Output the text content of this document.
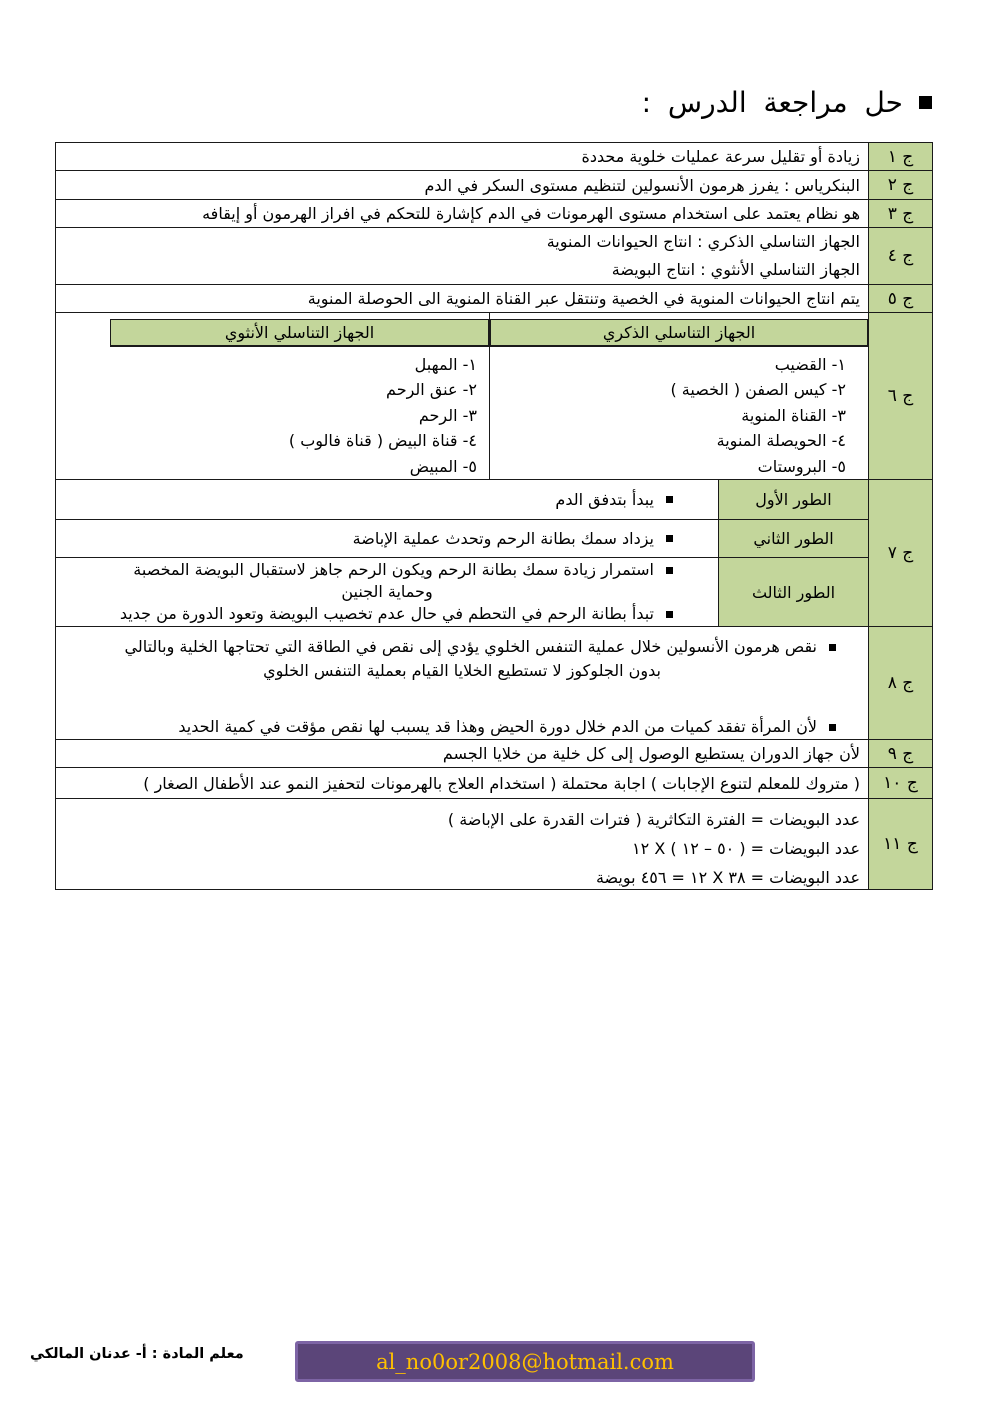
حل مراجعة الدرس :
ج ١
زيادة أو تقليل سرعة عمليات خلوية محددة
ج ٢
البنكرياس : يفرز هرمون الأنسولين لتنظيم مستوى السكر في الدم
ج ٣
هو نظام يعتمد على استخدام مستوى الهرمونات في الدم كإشارة للتحكم في افراز الهرمون أو إيقافه
ج ٤
الجهاز التناسلي الذكري : انتاج الحيوانات المنوية
الجهاز التناسلي الأنثوي : انتاج البويضة
ج ٥
يتم انتاج الحيوانات المنوية في الخصية وتنتقل عبر القناة المنوية الى الحوصلة المنوية
ج ٦
الجهاز التناسلي الذكري
١- القضيب
٢- كيس الصفن ( الخصية )
٣- القناة المنوية
٤- الحويصلة المنوية
٥- البروستات
الجهاز التناسلي الأنثوي
١- المهبل
٢- عنق الرحم
٣- الرحم
٤- قناة البيض ( قناة فالوب )
٥- المبيض
ج ٧
الطور الأول
يبدأ بتدفق الدم
الطور الثاني
يزداد سمك بطانة الرحم وتحدث عملية الإباضة
الطور الثالث
استمرار زيادة سمك بطانة الرحم ويكون الرحم جاهز لاستقبال البويضة المخصبة
وحماية الجنين
تبدأ بطانة الرحم في التحطم في حال عدم تخصيب البويضة وتعود الدورة من جديد
ج ٨
نقص هرمون الأنسولين خلال عملية التنفس الخلوي يؤدي إلى نقص في الطاقة التي تحتاجها الخلية وبالتالي
بدون الجلوكوز لا تستطيع الخلايا القيام بعملية التنفس الخلوي
لأن المرأة تفقد كميات من الدم خلال دورة الحيض وهذا قد يسبب لها نقص مؤقت في كمية الحديد
ج ٩
لأن جهاز الدوران يستطيع الوصول إلى كل خلية من خلايا الجسم
ج ١٠
( متروك للمعلم لتنوع الإجابات ) اجابة محتملة ( استخدام العلاج بالهرمونات لتحفيز النمو عند الأطفال الصغار )
ج ١١
عدد البويضات = الفترة التكاثرية ( فترات القدرة على الإباضة )
عدد البويضات = ( ٥٠ – ١٢ ) X ١٢
عدد البويضات = ٣٨ X ١٢ = ٤٥٦ بويضة
معلم المادة : أ- عدنان المالكي	al_no0or2008@hotmail.com
